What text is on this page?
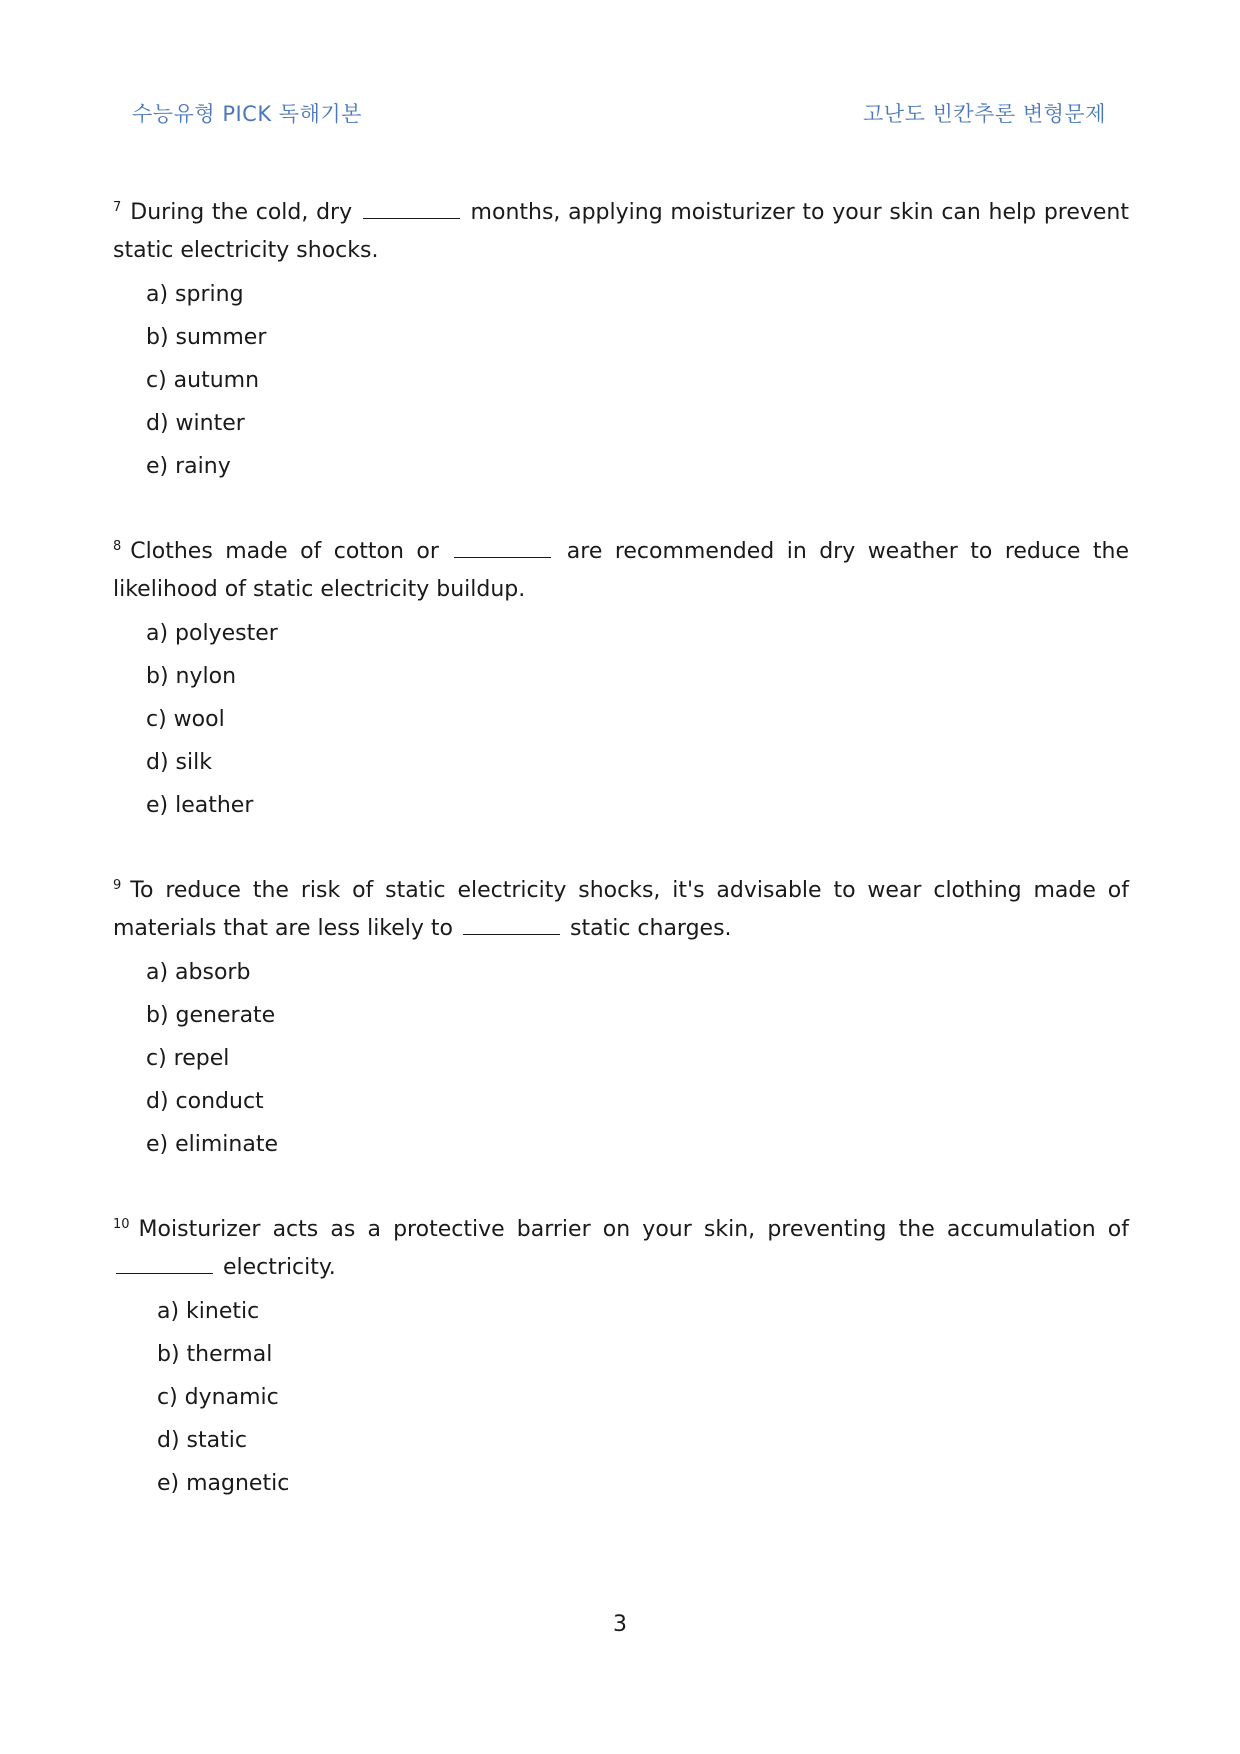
수능유형 PICK 독해기본	고난도 빈칸추론 변형문제

$^7$ During the cold, dry	months, applying moisturizer to your skin can help prevent static electricity shocks.

a) spring
b) summer
c) autumn
d) winter
e) rainy

$^8$ Clothes made of cotton or	are recommended in dry weather to reduce the likelihood of static electricity buildup.

a) polyester
b) nylon
c) wool
d) silk
e) leather

$^9$ To reduce the risk of static electricity shocks, it's advisable to wear clothing made of materials that are less likely to	static charges.

a) absorb
b) generate
c) repel
d) conduct
e) eliminate

$^{10}$ Moisturizer acts as a protective barrier on your skin, preventing the accumulation of  electricity.

a) kinetic
b) thermal
c) dynamic
d) static
e) magnetic
3
